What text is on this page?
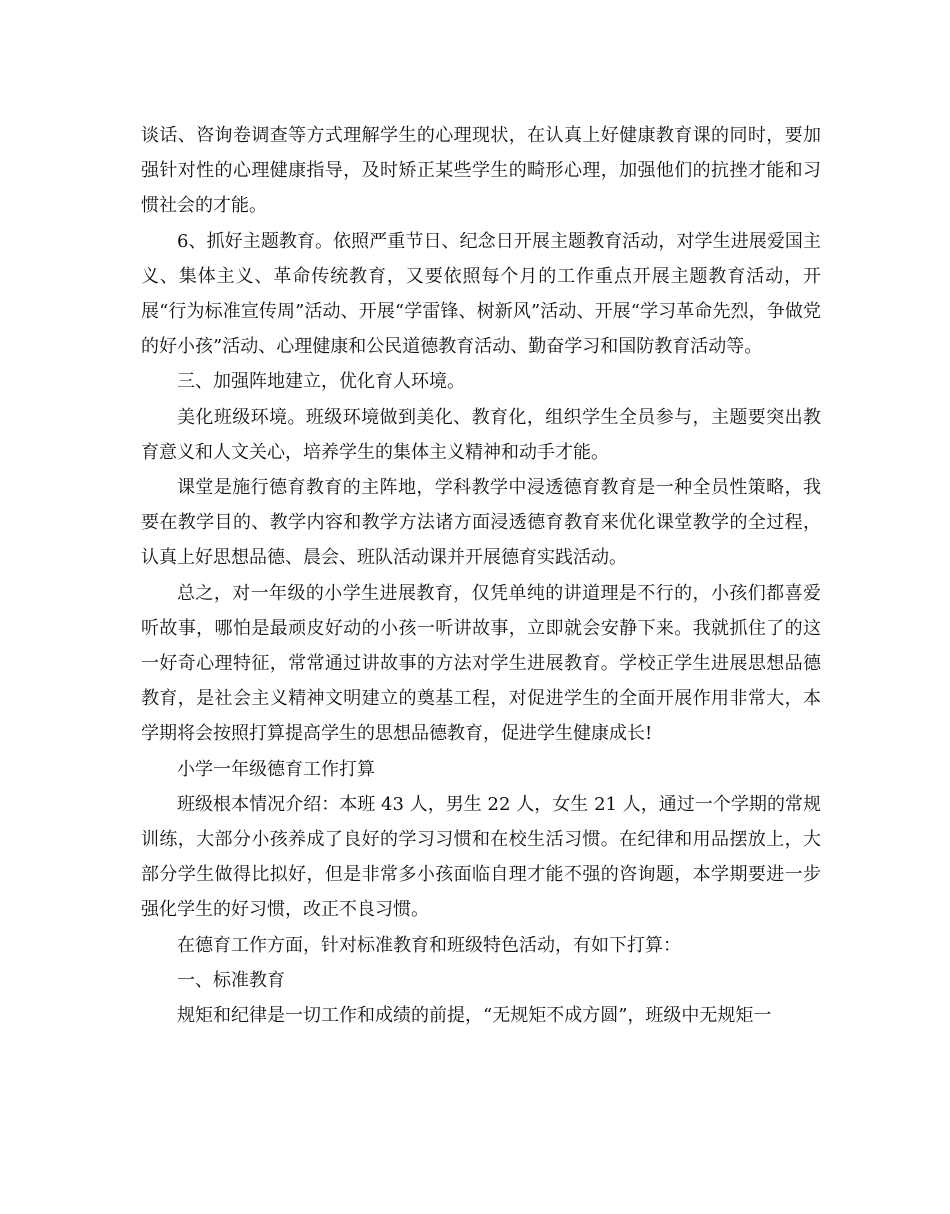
谈话、咨询卷调查等方式理解学生的心理现状，在认真上好健康教育课的同时，要加强针对性的心理健康指导，及时矫正某些学生的畸形心理，加强他们的抗挫才能和习惯社会的才能。

6、抓好主题教育。依照严重节日、纪念日开展主题教育活动，对学生进展爱国主义、集体主义、革命传统教育，又要依照每个月的工作重点开展主题教育活动，开展“行为标准宣传周”活动、开展“学雷锋、树新风”活动、开展“学习革命先烈，争做党的好小孩”活动、心理健康和公民道德教育活动、勤奋学习和国防教育活动等。

三、加强阵地建立，优化育人环境。

美化班级环境。班级环境做到美化、教育化，组织学生全员参与，主题要突出教育意义和人文关心，培养学生的集体主义精神和动手才能。

课堂是施行德育教育的主阵地，学科教学中浸透德育教育是一种全员性策略，我要在教学目的、教学内容和教学方法诸方面浸透德育教育来优化课堂教学的全过程，认真上好思想品德、晨会、班队活动课并开展德育实践活动。

总之，对一年级的小学生进展教育，仅凭单纯的讲道理是不行的，小孩们都喜爱听故事，哪怕是最顽皮好动的小孩一听讲故事，立即就会安静下来。我就抓住了的这一好奇心理特征，常常通过讲故事的方法对学生进展教育。学校正学生进展思想品德教育，是社会主义精神文明建立的奠基工程，对促进学生的全面开展作用非常大，本学期将会按照打算提高学生的思想品德教育，促进学生健康成长!

小学一年级德育工作打算

班级根本情况介绍：本班 43 人，男生 22 人，女生 21 人，通过一个学期的常规训练，大部分小孩养成了良好的学习习惯和在校生活习惯。在纪律和用品摆放上，大部分学生做得比拟好，但是非常多小孩面临自理才能不强的咨询题，本学期要进一步强化学生的好习惯，改正不良习惯。

在德育工作方面，针对标准教育和班级特色活动，有如下打算：

一、标准教育

规矩和纪律是一切工作和成绩的前提，“无规矩不成方圆”，班级中无规矩一
